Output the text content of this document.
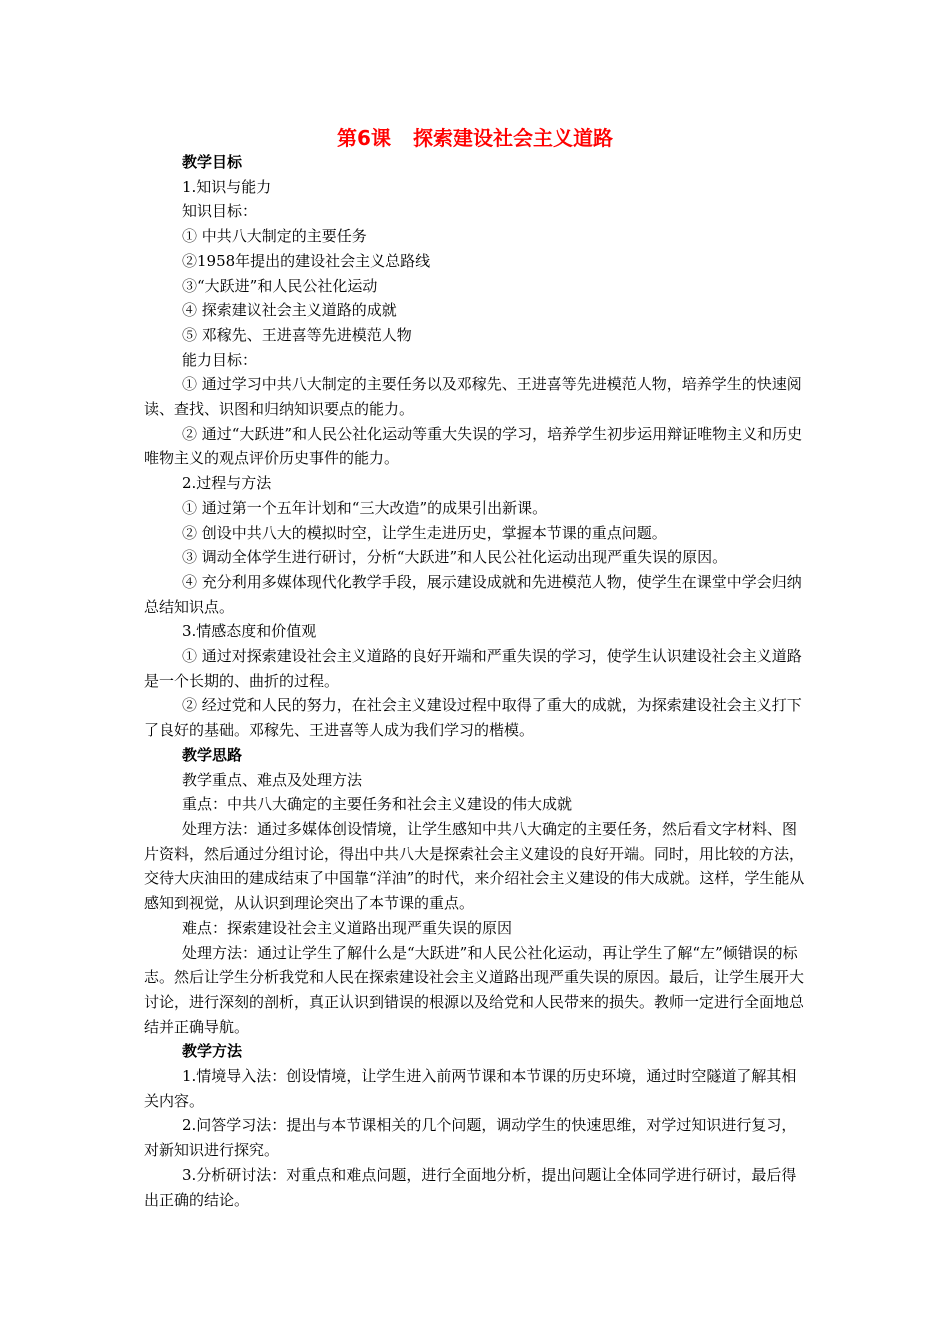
第6课 探索建设社会主义道路

教学目标

1.知识与能力

知识目标：

① 中共八大制定的主要任务

②1958年提出的建设社会主义总路线

③“大跃进”和人民公社化运动

④ 探索建议社会主义道路的成就

⑤ 邓稼先、王进喜等先进模范人物

能力目标：

① 通过学习中共八大制定的主要任务以及邓稼先、王进喜等先进模范人物，培养学生的快速阅读、查找、识图和归纳知识要点的能力。

② 通过“大跃进”和人民公社化运动等重大失误的学习，培养学生初步运用辩证唯物主义和历史唯物主义的观点评价历史事件的能力。

2.过程与方法

① 通过第一个五年计划和“三大改造”的成果引出新课。

② 创设中共八大的模拟时空，让学生走进历史，掌握本节课的重点问题。

③ 调动全体学生进行研讨，分析“大跃进”和人民公社化运动出现严重失误的原因。

④ 充分利用多媒体现代化教学手段，展示建设成就和先进模范人物，使学生在课堂中学会归纳总结知识点。

3.情感态度和价值观

① 通过对探索建设社会主义道路的良好开端和严重失误的学习，使学生认识建设社会主义道路是一个长期的、曲折的过程。

② 经过党和人民的努力，在社会主义建设过程中取得了重大的成就，为探索建设社会主义打下了良好的基础。邓稼先、王进喜等人成为我们学习的楷模。

教学思路

教学重点、难点及处理方法

重点：中共八大确定的主要任务和社会主义建设的伟大成就

处理方法：通过多媒体创设情境，让学生感知中共八大确定的主要任务，然后看文字材料、图片资料，然后通过分组讨论，得出中共八大是探索社会主义建设的良好开端。同时，用比较的方法，交待大庆油田的建成结束了中国靠“洋油”的时代，来介绍社会主义建设的伟大成就。这样，学生能从感知到视觉，从认识到理论突出了本节课的重点。

难点：探索建设社会主义道路出现严重失误的原因

处理方法：通过让学生了解什么是“大跃进”和人民公社化运动，再让学生了解“左”倾错误的标志。然后让学生分析我党和人民在探索建设社会主义道路出现严重失误的原因。最后，让学生展开大讨论，进行深刻的剖析，真正认识到错误的根源以及给党和人民带来的损失。教师一定进行全面地总结并正确导航。

教学方法

1.情境导入法：创设情境，让学生进入前两节课和本节课的历史环境，通过时空隧道了解其相关内容。

2.问答学习法：提出与本节课相关的几个问题，调动学生的快速思维，对学过知识进行复习，对新知识进行探究。

3.分析研讨法：对重点和难点问题，进行全面地分析，提出问题让全体同学进行研讨，最后得出正确的结论。
